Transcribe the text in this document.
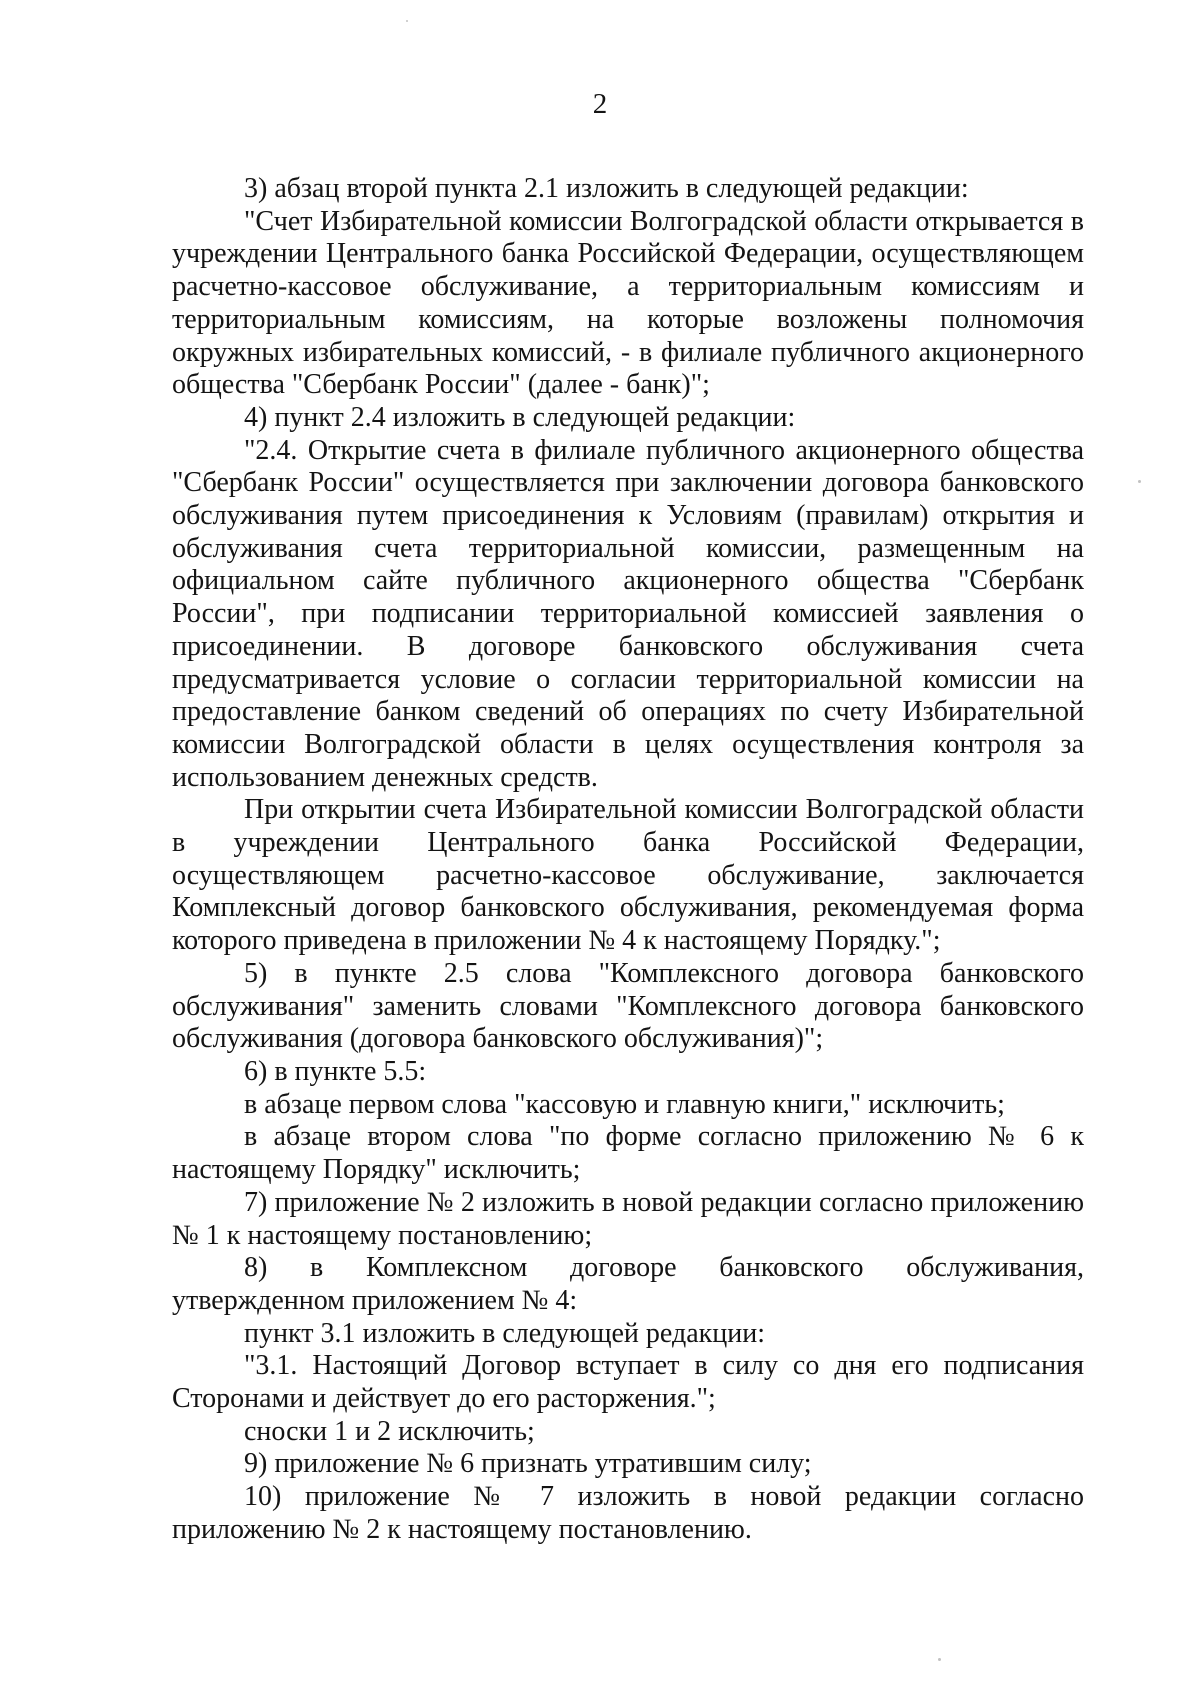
2

3) абзац второй пункта 2.1 изложить в следующей редакции:

"Счет Избирательной комиссии Волгоградской области открывается в учреждении Центрального банка Российской Федерации, осуществляющем расчетно-кассовое обслуживание, а территориальным комиссиям и территориальным комиссиям, на которые возложены полномочия окружных избирательных комиссий, - в филиале публичного акционерного общества "Сбербанк России" (далее - банк)";

4) пункт 2.4 изложить в следующей редакции:

"2.4. Открытие счета в филиале публичного акционерного общества "Сбербанк России" осуществляется при заключении договора банковского обслуживания путем присоединения к Условиям (правилам) открытия и обслуживания счета территориальной комиссии, размещенным на официальном сайте публичного акционерного общества "Сбербанк России", при подписании территориальной комиссией заявления о присоединении. В договоре банковского обслуживания счета предусматривается условие о согласии территориальной комиссии на предоставление банком сведений об операциях по счету Избирательной комиссии Волгоградской области в целях осуществления контроля за использованием денежных средств.

При открытии счета Избирательной комиссии Волгоградской области в учреждении Центрального банка Российской Федерации, осуществляющем расчетно-кассовое обслуживание, заключается Комплексный договор банковского обслуживания, рекомендуемая форма которого приведена в приложении № 4 к настоящему Порядку.";

5) в пункте 2.5 слова "Комплексного договора банковского обслуживания" заменить словами "Комплексного договора банковского обслуживания (договора банковского обслуживания)";

6) в пункте 5.5:

в абзаце первом слова "кассовую и главную книги," исключить;

в абзаце втором слова "по форме согласно приложению № 6 к настоящему Порядку" исключить;

7) приложение № 2 изложить в новой редакции согласно приложению № 1 к настоящему постановлению;

8) в Комплексном договоре банковского обслуживания, утвержденном приложением № 4:

пункт 3.1 изложить в следующей редакции:

"3.1. Настоящий Договор вступает в силу со дня его подписания Сторонами и действует до его расторжения.";

сноски 1 и 2 исключить;

9) приложение № 6 признать утратившим силу;

10) приложение № 7 изложить в новой редакции согласно приложению № 2 к настоящему постановлению.
